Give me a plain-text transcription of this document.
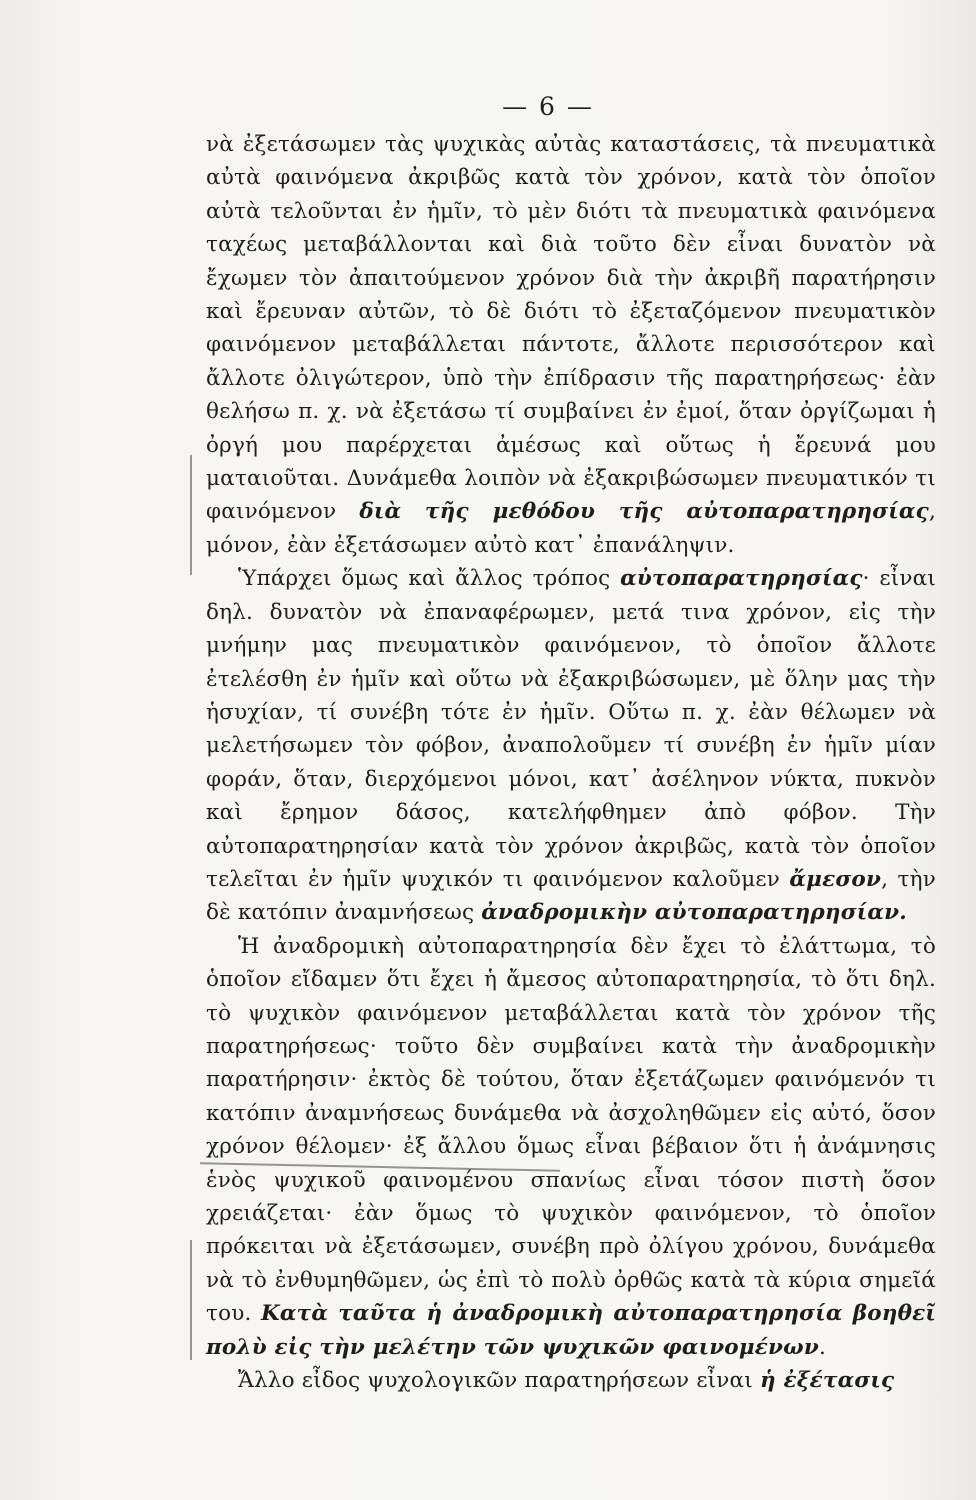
— 6 —

νὰ ἐξετάσωμεν τὰς ψυχικὰς αὐτὰς καταστάσεις, τὰ πνευματικὰ αὐτὰ φαινόμενα ἀκριβῶς κατὰ τὸν χρόνον, κατὰ τὸν ὁποῖον αὐτὰ τελοῦνται ἐν ἡμῖν, τὸ μὲν διότι τὰ πνευματικὰ φαινόμενα ταχέως μεταβάλλονται καὶ διὰ τοῦτο δὲν εἶναι δυνατὸν νὰ ἔχωμεν τὸν ἀπαιτούμενον χρόνον διὰ τὴν ἀκριβῆ παρατήρησιν καὶ ἔρευναν αὐτῶν, τὸ δὲ διότι τὸ ἐξεταζόμενον πνευματικὸν φαινόμενον μεταβάλλεται πάντοτε, ἄλλοτε περισσότερον καὶ ἄλλοτε ὀλιγώτερον, ὑπὸ τὴν ἐπίδρασιν τῆς παρατηρήσεως· ἐὰν θελήσω π. χ. νὰ ἐξετάσω τί συμβαίνει ἐν ἐμοί, ὅταν ὀργίζωμαι ἡ ὀργή μου παρέρχεται ἀμέσως καὶ οὕτως ἡ ἔρευνά μου ματαιοῦται. Δυνάμεθα λοιπὸν νὰ ἐξακριβώσωμεν πνευματικόν τι φαινόμενον διὰ τῆς μεθόδου τῆς αὐτοπαρατηρησίας, μόνον, ἐὰν ἐξετάσωμεν αὐτὸ κατ᾿ ἐπανάληψιν.

Ὑπάρχει ὅμως καὶ ἄλλος τρόπος αὐτοπαρατηρησίας· εἶναι δηλ. δυνατὸν νὰ ἐπαναφέρωμεν, μετά τινα χρόνον, εἰς τὴν μνήμην μας πνευματικὸν φαινόμενον, τὸ ὁποῖον ἄλλοτε ἐτελέσθη ἐν ἡμῖν καὶ οὕτω νὰ ἐξακριβώσωμεν, μὲ ὅλην μας τὴν ἡσυχίαν, τί συνέβη τότε ἐν ἡμῖν. Οὕτω π. χ. ἐὰν θέλωμεν νὰ μελετήσωμεν τὸν φόβον, ἀναπολοῦμεν τί συνέβη ἐν ἡμῖν μίαν φοράν, ὅταν, διερχόμενοι μόνοι, κατ᾿ ἀσέληνον νύκτα, πυκνὸν καὶ ἔρημον δάσος, κατελήφθημεν ἀπὸ φόβον. Τὴν αὐτοπαρατηρησίαν κατὰ τὸν χρόνον ἀκριβῶς, κατὰ τὸν ὁποῖον τελεῖται ἐν ἡμῖν ψυχικόν τι φαινόμενον καλοῦμεν ἄμεσον, τὴν δὲ κατόπιν ἀναμνήσεως ἀναδρομικὴν αὐτοπαρατηρησίαν.

Ἡ ἀναδρομικὴ αὐτοπαρατηρησία δὲν ἔχει τὸ ἐλάττωμα, τὸ ὁποῖον εἴδαμεν ὅτι ἔχει ἡ ἄμεσος αὐτοπαρατηρησία, τὸ ὅτι δηλ. τὸ ψυχικὸν φαινόμενον μεταβάλλεται κατὰ τὸν χρόνον τῆς παρατηρήσεως· τοῦτο δὲν συμβαίνει κατὰ τὴν ἀναδρομικὴν παρατήρησιν· ἐκτὸς δὲ τούτου, ὅταν ἐξετάζωμεν φαινόμενόν τι κατόπιν ἀναμνήσεως δυνάμεθα νὰ ἀσχοληθῶμεν εἰς αὐτό, ὅσον χρόνον θέλομεν· ἐξ ἄλλου ὅμως εἶναι βέβαιον ὅτι ἡ ἀνάμνησις ἑνὸς ψυχικοῦ φαινομένου σπανίως εἶναι τόσον πιστὴ ὅσον χρειάζεται· ἐὰν ὅμως τὸ ψυχικὸν φαινόμενον, τὸ ὁποῖον πρόκειται νὰ ἐξετάσωμεν, συνέβη πρὸ ὀλίγου χρόνου, δυνάμεθα νὰ τὸ ἐνθυμηθῶμεν, ὡς ἐπὶ τὸ πολὺ ὀρθῶς κατὰ τὰ κύρια σημεῖά του. Κατὰ ταῦτα ἡ ἀναδρομικὴ αὐτοπαρατηρησία βοηθεῖ πολὺ εἰς τὴν μελέτην τῶν ψυχικῶν φαινομένων.

Ἄλλο εἶδος ψυχολογικῶν παρατηρήσεων εἶναι ἡ ἐξέτασις
